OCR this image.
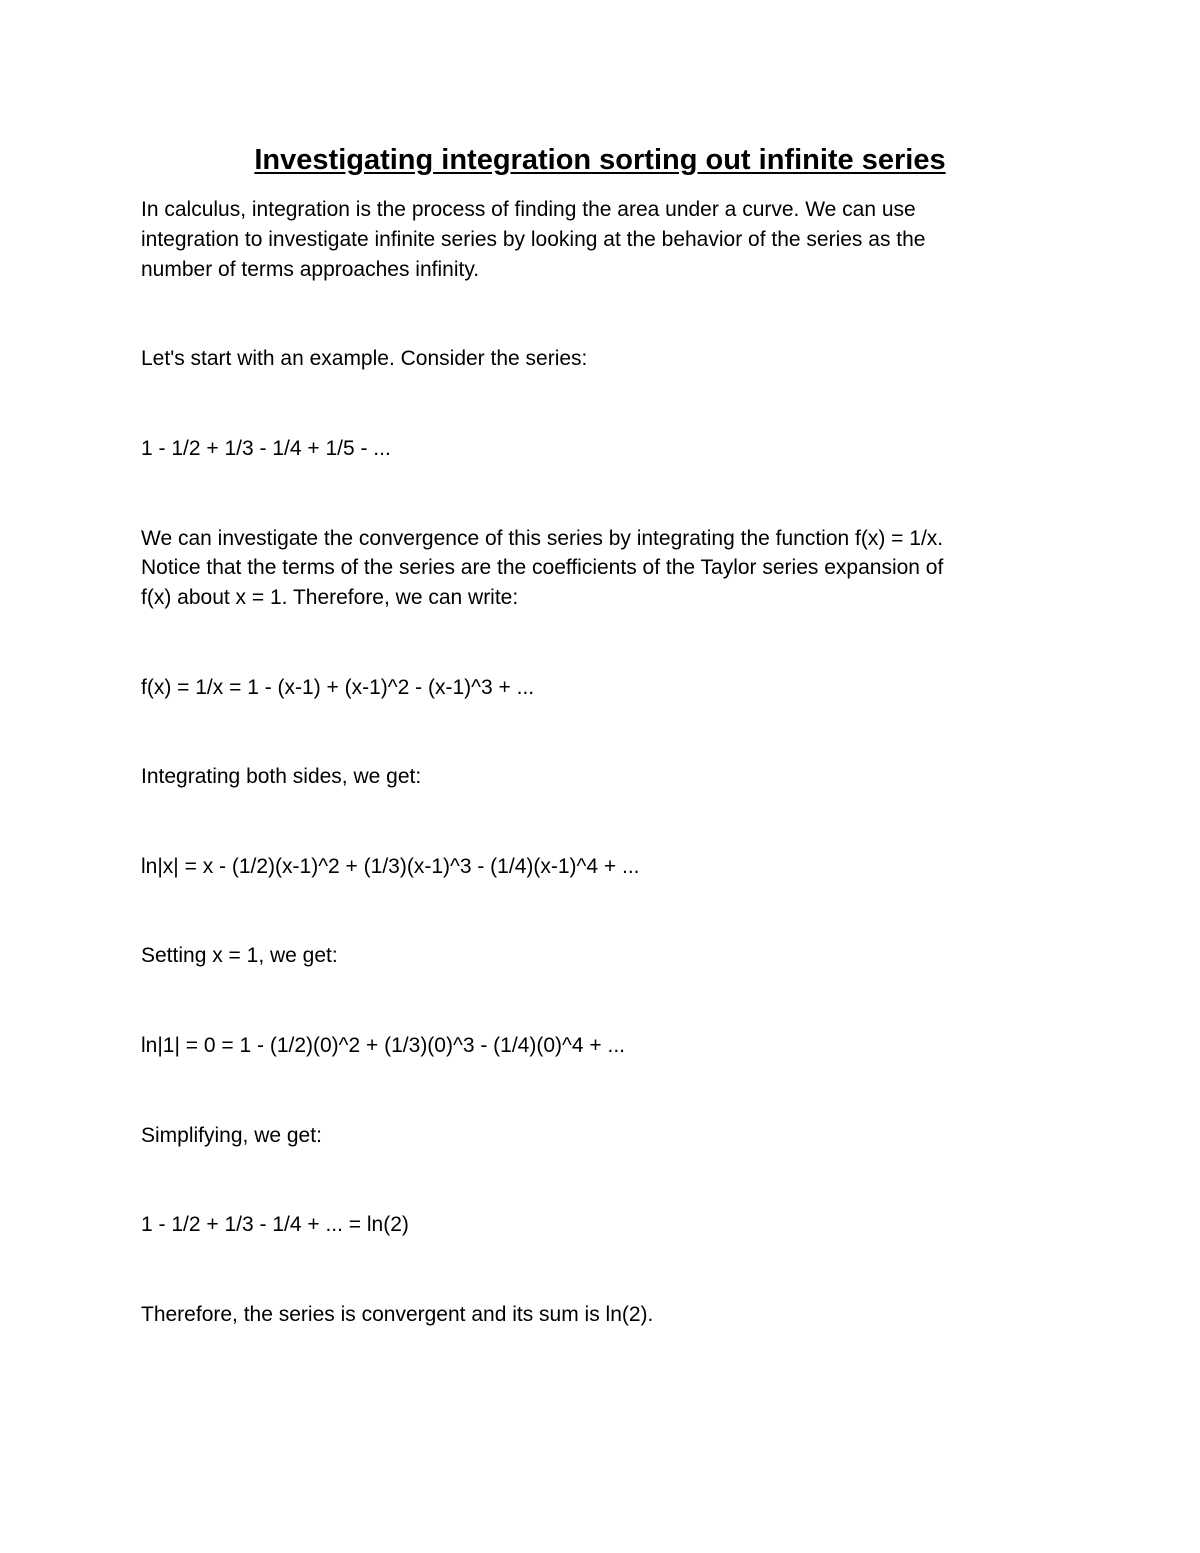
Investigating integration sorting out infinite series

In calculus, integration is the process of finding the area under a curve. We can use

integration to investigate infinite series by looking at the behavior of the series as the

number of terms approaches infinity.

Let's start with an example. Consider the series:

1 - 1/2 + 1/3 - 1/4 + 1/5 - ...

We can investigate the convergence of this series by integrating the function f(x) = 1/x.

Notice that the terms of the series are the coefficients of the Taylor series expansion of

f(x) about x = 1. Therefore, we can write:

f(x) = 1/x = 1 - (x-1) + (x-1)^2 - (x-1)^3 + ...

Integrating both sides, we get:

ln|x| = x - (1/2)(x-1)^2 + (1/3)(x-1)^3 - (1/4)(x-1)^4 + ...

Setting x = 1, we get:

ln|1| = 0 = 1 - (1/2)(0)^2 + (1/3)(0)^3 - (1/4)(0)^4 + ...

Simplifying, we get:

1 - 1/2 + 1/3 - 1/4 + ... = ln(2)

Therefore, the series is convergent and its sum is ln(2).
